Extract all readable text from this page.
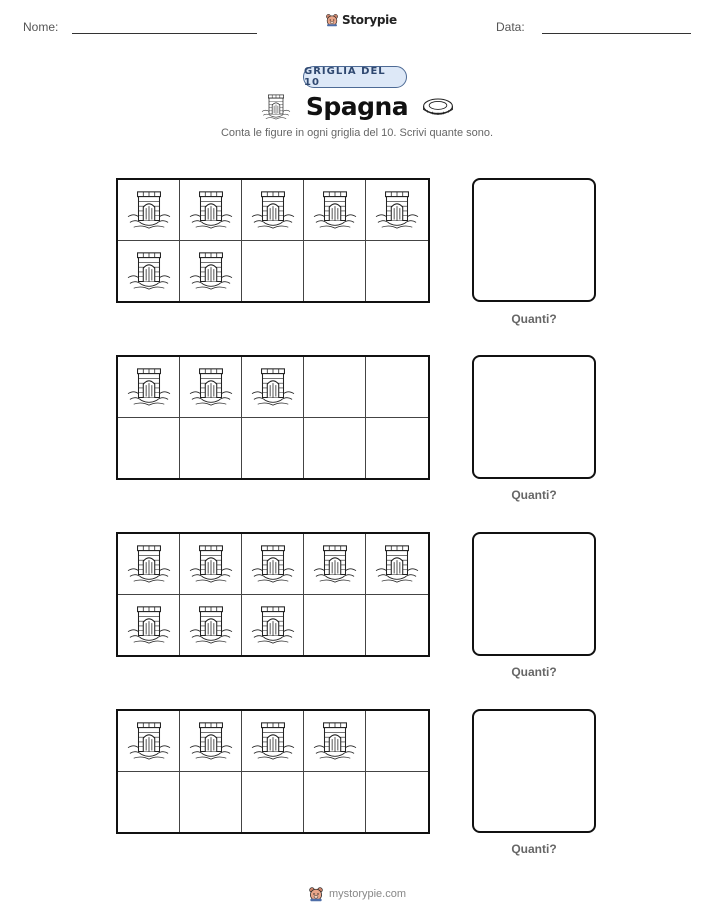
Nome:	Storypie	Data:
GRIGLIA DEL 10
Spagna
Conta le figure in ogni griglia del 10. Scrivi quante sono.
Quanti?
Quanti?
Quanti?
Quanti?
mystorypie.com
